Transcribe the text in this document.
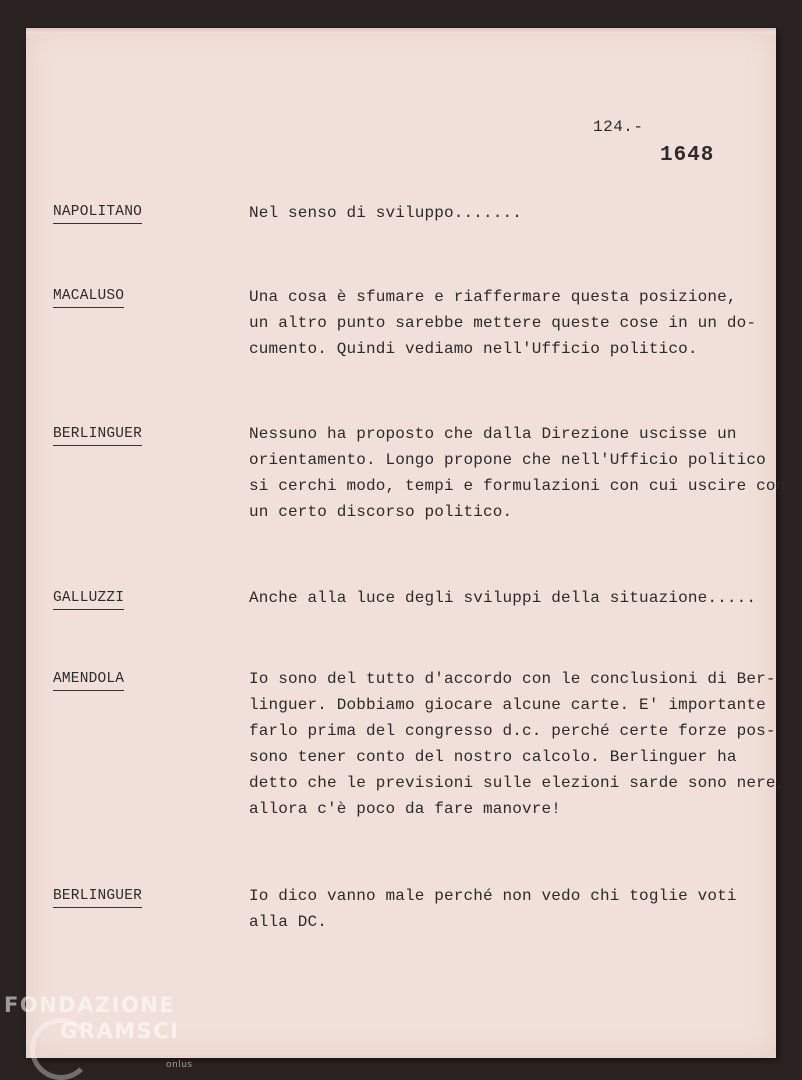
124.-
1648
NAPOLITANO	Nel senso di sviluppo.......
MACALUSO	Una cosa è sfumare e riaffermare questa posizione,
un altro punto sarebbe mettere queste cose in un do-
cumento. Quindi vediamo nell'Ufficio politico.
BERLINGUER	Nessuno ha proposto che dalla Direzione uscisse un
orientamento. Longo propone che nell'Ufficio politico
si cerchi modo, tempi e formulazioni con cui uscire con
un certo discorso politico.
GALLUZZI	Anche alla luce degli sviluppi della situazione.....
AMENDOLA	Io sono del tutto d'accordo con le conclusioni di Ber-
linguer. Dobbiamo giocare alcune carte. E' importante
farlo prima del congresso d.c. perché certe forze pos-
sono tener conto del nostro calcolo. Berlinguer ha
detto che le previsioni sulle elezioni sarde sono nere,
allora c'è poco da fare manovre!
BERLINGUER	Io dico vanno male perché non vedo chi toglie voti
alla DC.
FONDAZIONE
GRAMSCI
onlus
